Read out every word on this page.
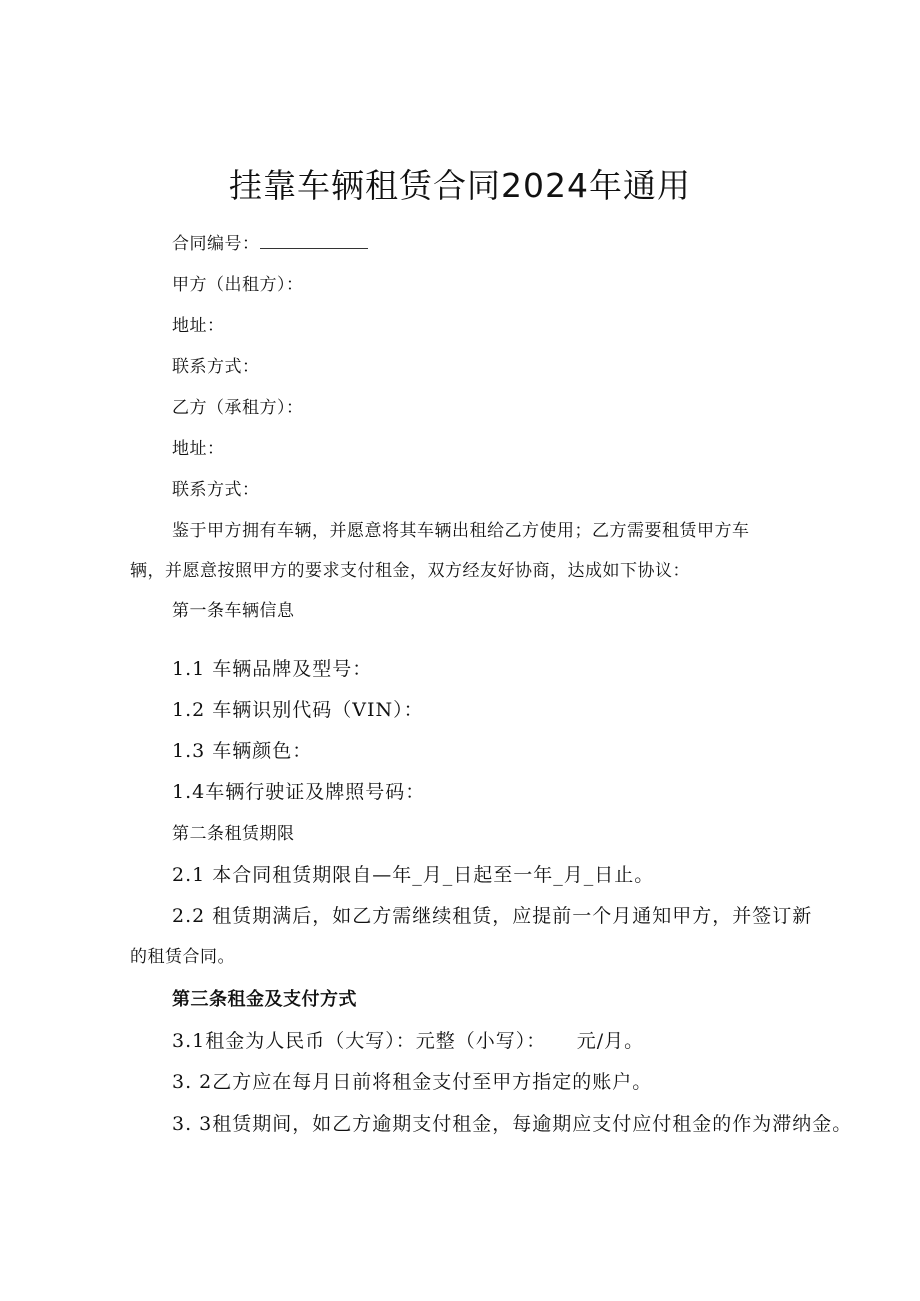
挂靠车辆租赁合同2024年通用

合同编号：

甲方（出租方）：

地址：

联系方式：

乙方（承租方）：

地址：

联系方式：

鉴于甲方拥有车辆，并愿意将其车辆出租给乙方使用；乙方需要租赁甲方车

辆，并愿意按照甲方的要求支付租金，双方经友好协商，达成如下协议：

第一条车辆信息

1.1 车辆品牌及型号：

1.2 车辆识别代码（VIN）：

1.3 车辆颜色：

1.4车辆行驶证及牌照号码：

第二条租赁期限

2.1 本合同租赁期限自—年_月_日起至一年_月_日止。

2.2 租赁期满后，如乙方需继续租赁，应提前一个月通知甲方，并签订新

的租赁合同。

第三条租金及支付方式

3.1租金为人民币（大写）：元整（小写）：　　元/月。

3. 2乙方应在每月日前将租金支付至甲方指定的账户。

3. 3租赁期间，如乙方逾期支付租金，每逾期应支付应付租金的作为滞纳金。
